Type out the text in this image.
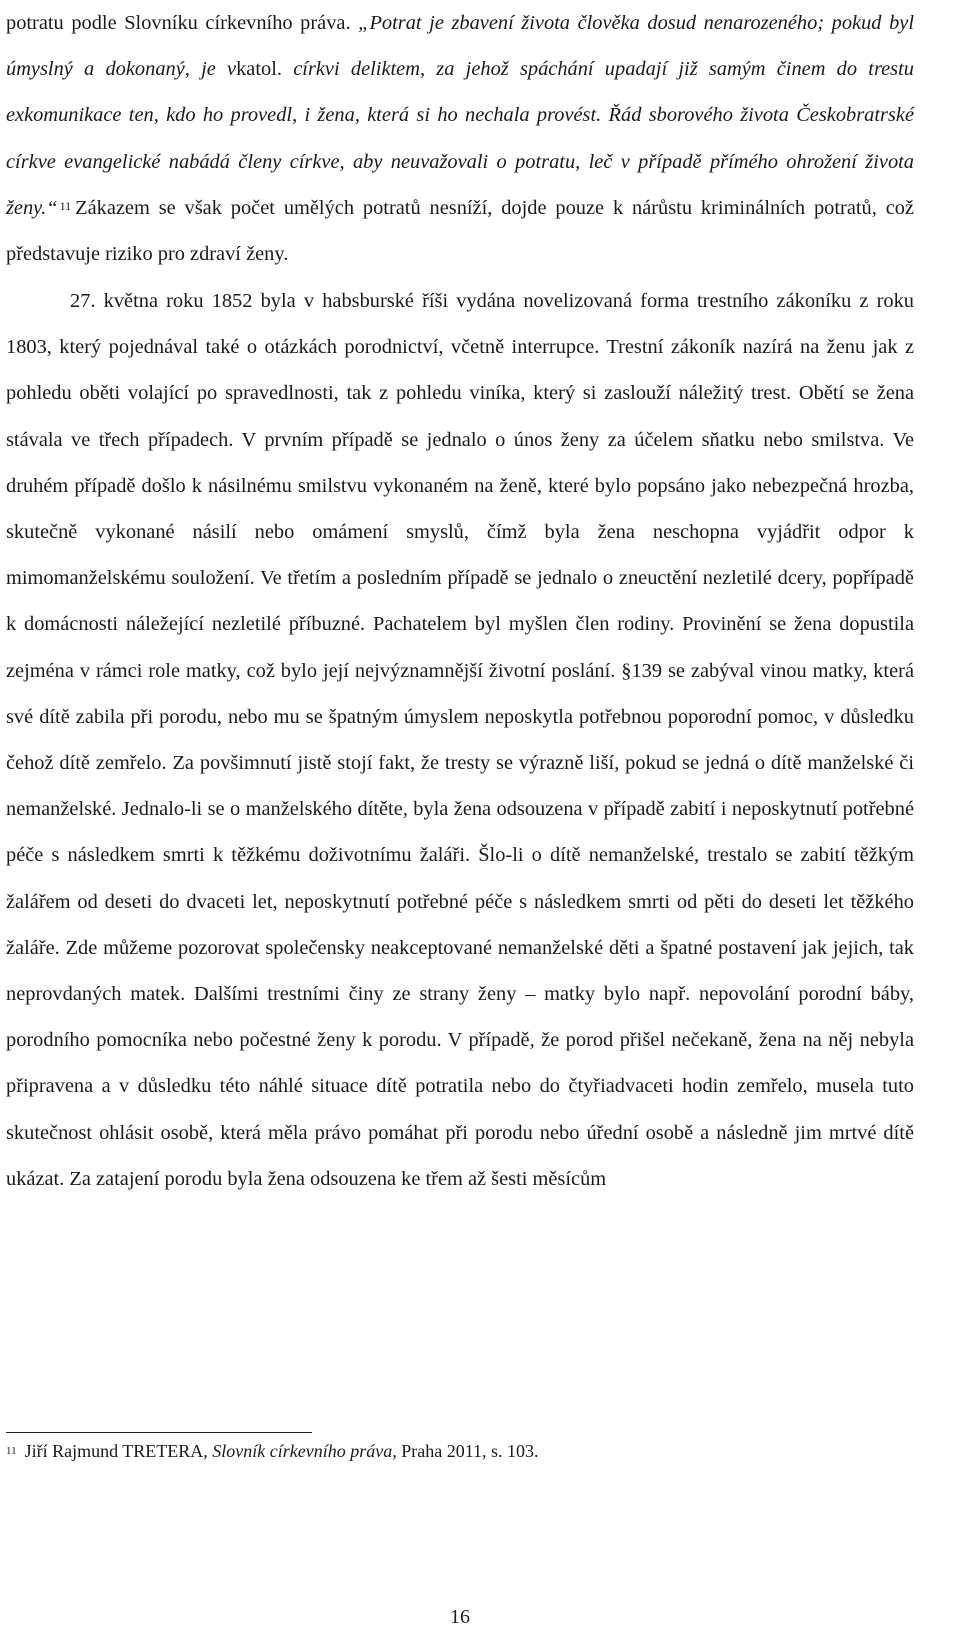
potratu podle Slovníku církevního práva. „Potrat je zbavení života člověka dosud nenarozeného; pokud byl úmyslný a dokonaný, je vkatol. církvi deliktem, za jehož spáchání upadají již samým činem do trestu exkomunikace ten, kdo ho provedl, i žena, která si ho nechala provést. Řád sborového života Českobratrské církve evangelické nabádá členy církve, aby neuvažovali o potratu, leč v případě přímého ohrožení života ženy.“ $^{11}$ Zákazem se však počet umělých potratů nesníží, dojde pouze k nárůstu kriminálních potratů, což představuje riziko pro zdraví ženy.

27. května roku 1852 byla v habsburské říši vydána novelizovaná forma trestního zákoníku z roku 1803, který pojednával také o otázkách porodnictví, včetně interrupce. Trestní zákoník nazírá na ženu jak z pohledu oběti volající po spravedlnosti, tak z pohledu viníka, který si zaslouží náležitý trest. Obětí se žena stávala ve třech případech. V prvním případě se jednalo o únos ženy za účelem sňatku nebo smilstva. Ve druhém případě došlo k násilnému smilstvu vykonaném na ženě, které bylo popsáno jako nebezpečná hrozba, skutečně vykonané násilí nebo omámení smyslů, čímž byla žena neschopna vyjádřit odpor k mimomanželskému souložení. Ve třetím a posledním případě se jednalo o zneuctění nezletilé dcery, popřípadě k domácnosti náležející nezletilé příbuzné. Pachatelem byl myšlen člen rodiny. Provinění se žena dopustila zejména v rámci role matky, což bylo její nejvýznamnější životní poslání. §139 se zabýval vinou matky, která své dítě zabila při porodu, nebo mu se špatným úmyslem neposkytla potřebnou poporodní pomoc, v důsledku čehož dítě zemřelo. Za povšimnutí jistě stojí fakt, že tresty se výrazně liší, pokud se jedná o dítě manželské či nemanželské. Jednalo-li se o manželského dítěte, byla žena odsouzena v případě zabití i neposkytnutí potřebné péče s následkem smrti k těžkému doživotnímu žaláři. Šlo-li o dítě nemanželské, trestalo se zabití těžkým žalářem od deseti do dvaceti let, neposkytnutí potřebné péče s následkem smrti od pěti do deseti let těžkého žaláře. Zde můžeme pozorovat společensky neakceptované nemanželské děti a špatné postavení jak jejich, tak neprovdaných matek. Dalšími trestními činy ze strany ženy – matky bylo např. nepovolání porodní báby, porodního pomocníka nebo počestné ženy k porodu. V případě, že porod přišel nečekaně, žena na něj nebyla připravena a v důsledku této náhlé situace dítě potratila nebo do čtyřiadvaceti hodin zemřelo, musela tuto skutečnost ohlásit osobě, která měla právo pomáhat při porodu nebo úřední osobě a následně jim mrtvé dítě ukázat. Za zatajení porodu byla žena odsouzena ke třem až šesti měsícům

$^{11}$ Jiří Rajmund TRETERA, Slovník církevního práva, Praha 2011, s. 103.
16
